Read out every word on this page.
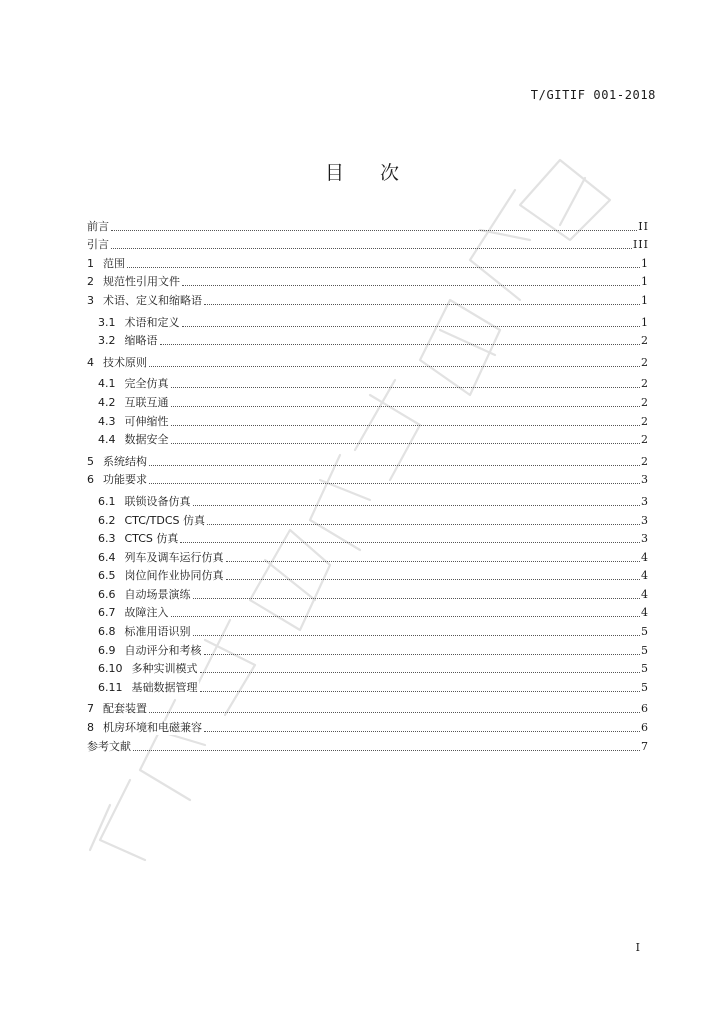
T/GITIF 001-2018
目次
前言	II
引言	III
1 范围	1
2 规范性引用文件	1
3 术语、定义和缩略语	1
3.1 术语和定义	1
3.2 缩略语	2
4 技术原则	2
4.1 完全仿真	2
4.2 互联互通	2
4.3 可伸缩性	2
4.4 数据安全	2
5 系统结构	2
6 功能要求	3
6.1 联锁设备仿真	3
6.2 CTC/TDCS 仿真	3
6.3 CTCS 仿真	3
6.4 列车及调车运行仿真	4
6.5 岗位间作业协同仿真	4
6.6 自动场景演练	4
6.7 故障注入	4
6.8 标准用语识别	5
6.9 自动评分和考核	5
6.10 多种实训模式	5
6.11 基础数据管理	5
7 配套装置	6
8 机房环境和电磁兼容	6
参考文献	7
I
